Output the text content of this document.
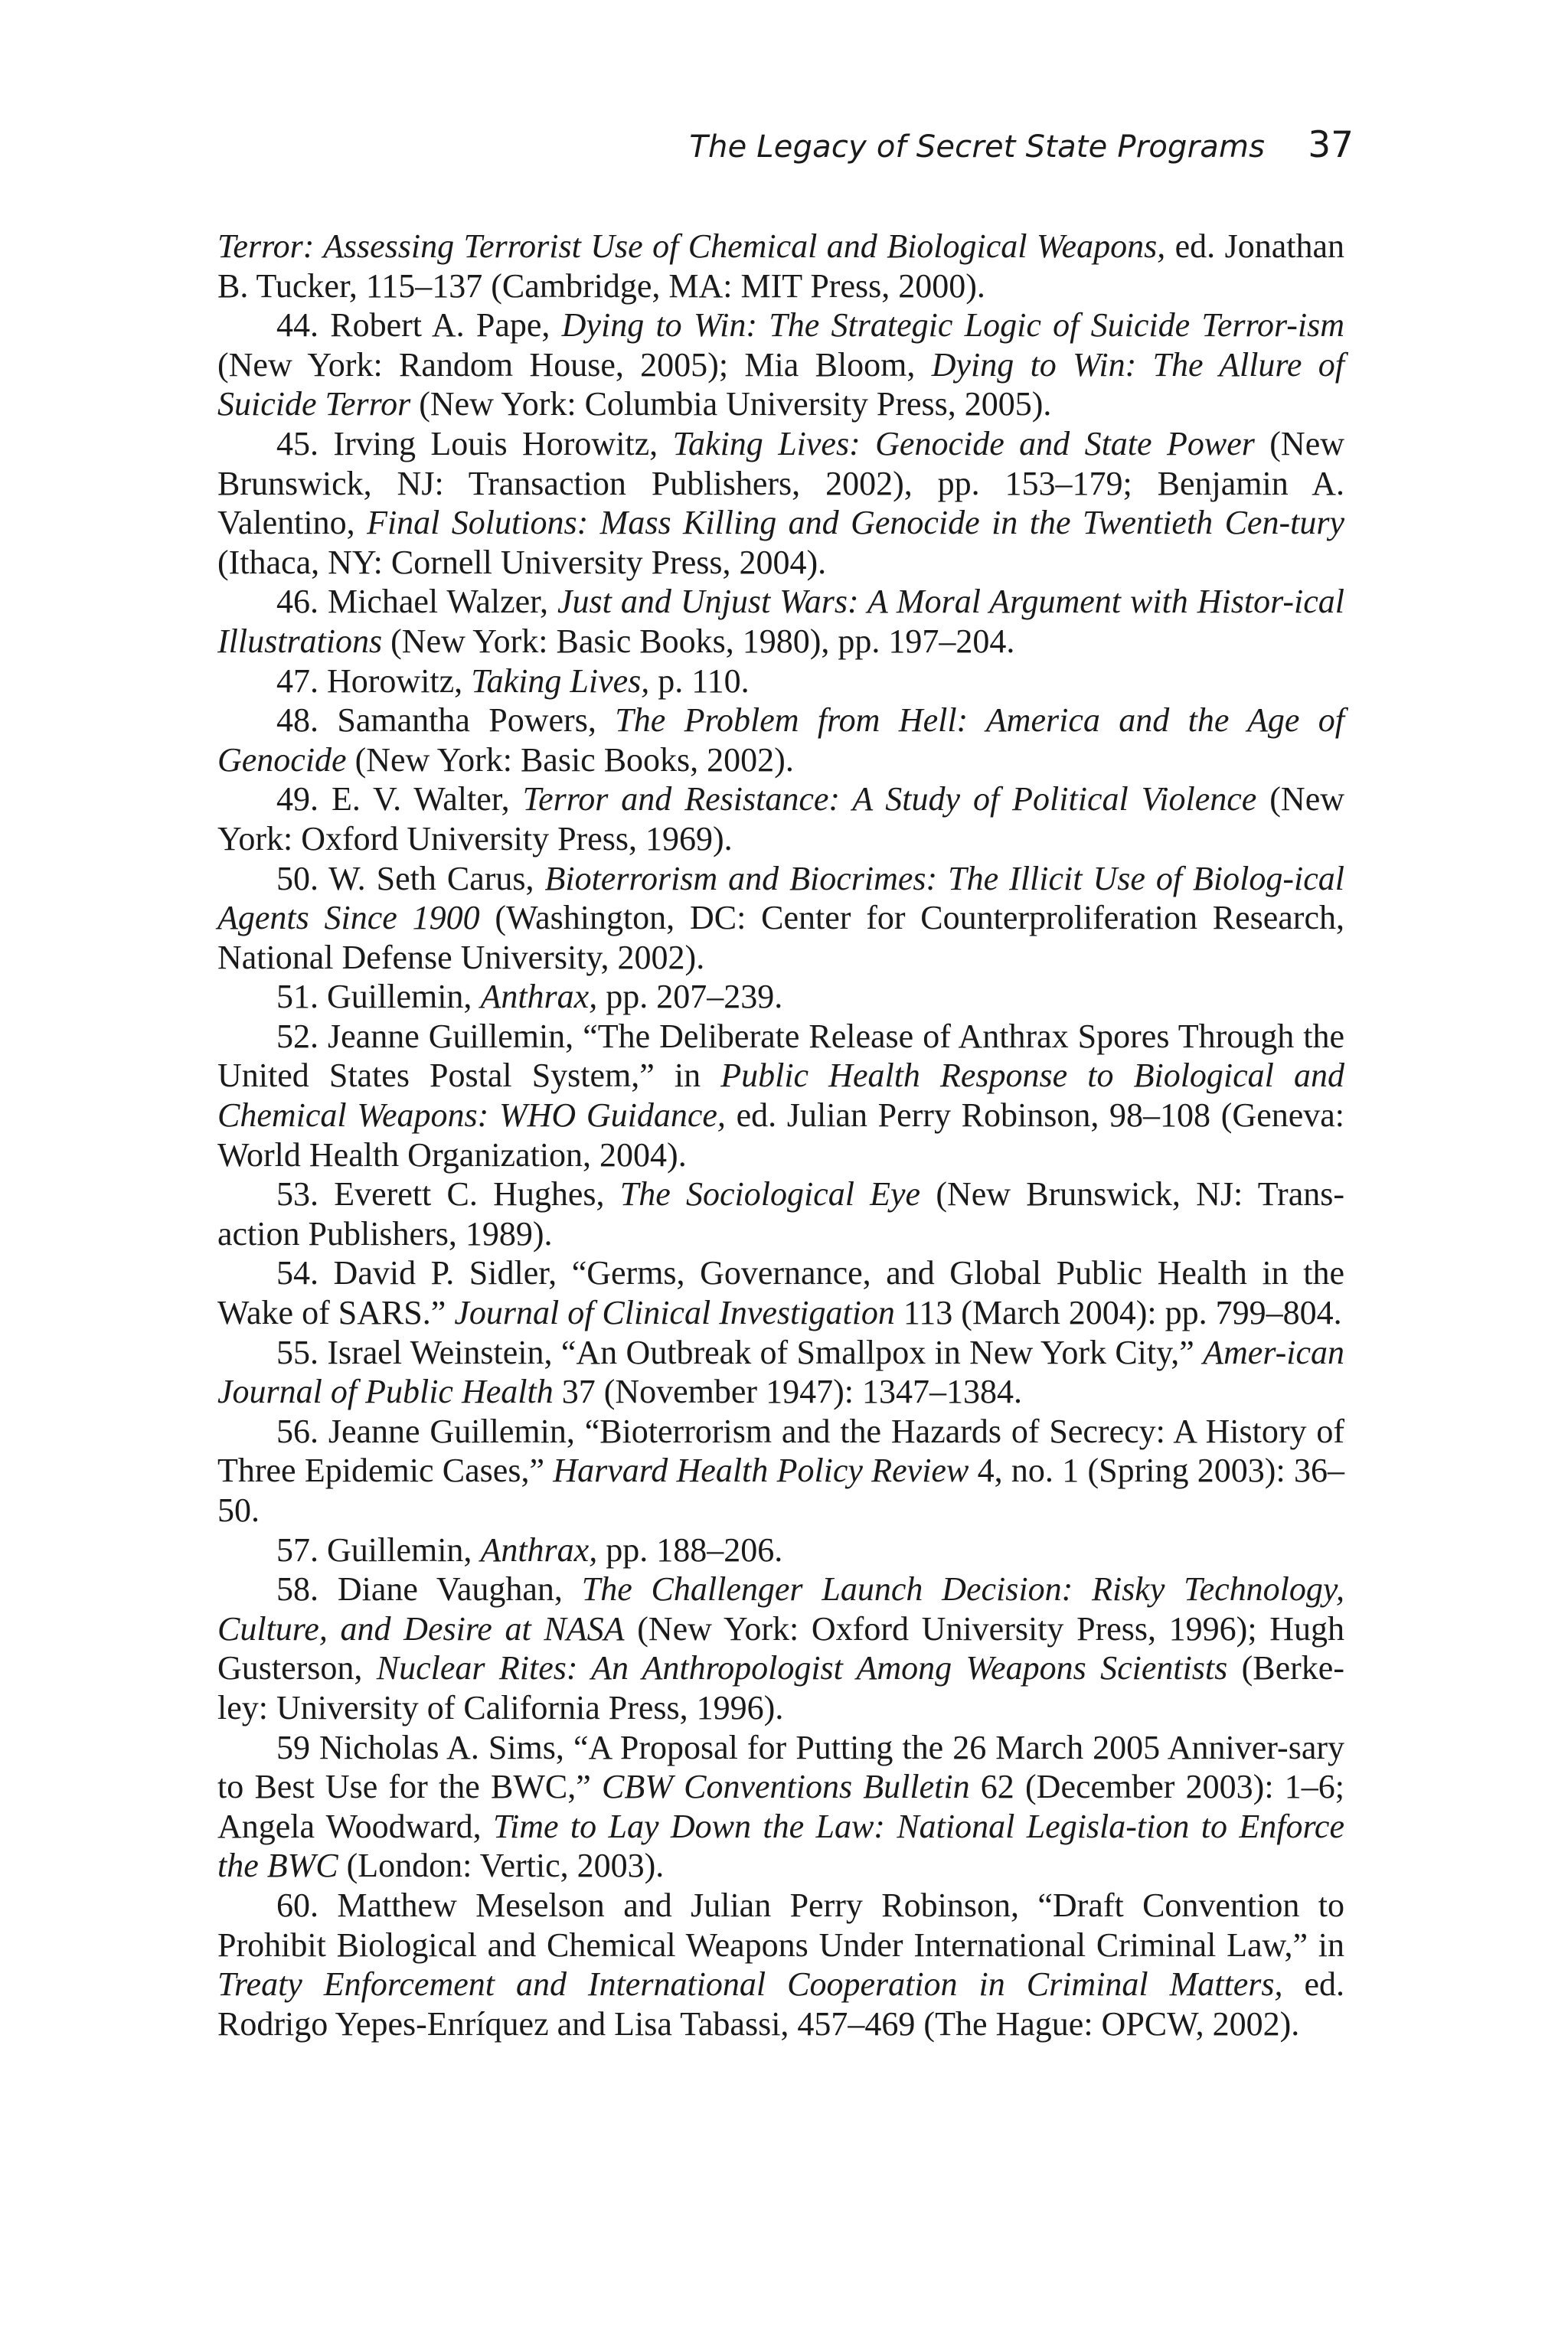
The Legacy of Secret State Programs 37

Terror: Assessing Terrorist Use of Chemical and Biological Weapons, ed. Jonathan B. Tucker, 115–137 (Cambridge, MA: MIT Press, 2000).

44. Robert A. Pape, Dying to Win: The Strategic Logic of Suicide Terror-​ism (New York: Random House, 2005); Mia Bloom, Dying to Win: The Allure of Suicide Terror (New York: Columbia University Press, 2005).

45. Irving Louis Horowitz, Taking Lives: Genocide and State Power (New Brunswick, NJ: Transaction Publishers, 2002), pp. 153–179; Benjamin A. Valentino, Final Solutions: Mass Killing and Genocide in the Twentieth Cen-​tury (Ithaca, NY: Cornell University Press, 2004).

46. Michael Walzer, Just and Unjust Wars: A Moral Argument with Histor-​ical Illustrations (New York: Basic Books, 1980), pp. 197–204.

47. Horowitz, Taking Lives, p. 110.

48. Samantha Powers, The Problem from Hell: America and the Age of Genocide (New York: Basic Books, 2002).

49. E. V. Walter, Terror and Resistance: A Study of Political Violence (New York: Oxford University Press, 1969).

50. W. Seth Carus, Bioterrorism and Biocrimes: The Illicit Use of Biolog-​ical Agents Since 1900 (Washington, DC: Center for Counterproliferation Research, National Defense University, 2002).

51. Guillemin, Anthrax, pp. 207–239.

52. Jeanne Guillemin, “The Deliberate Release of Anthrax Spores Through the United States Postal System,” in Public Health Response to Biological and Chemical Weapons: WHO Guidance, ed. Julian Perry Robinson, 98–108 (Geneva: World Health Organization, 2004).

53. Everett C. Hughes, The Sociological Eye (New Brunswick, NJ: Trans-​action Publishers, 1989).

54. David P. Sidler, “Germs, Governance, and Global Public Health in the Wake of SARS.” Journal of Clinical Investigation 113 (March 2004): pp. 799–804.

55. Israel Weinstein, “An Outbreak of Smallpox in New York City,” Amer-​ican Journal of Public Health 37 (November 1947): 1347–1384.

56. Jeanne Guillemin, “Bioterrorism and the Hazards of Secrecy: A History of Three Epidemic Cases,” Harvard Health Policy Review 4, no. 1 (Spring 2003): 36–50.

57. Guillemin, Anthrax, pp. 188–206.

58. Diane Vaughan, The Challenger Launch Decision: Risky Technology, Culture, and Desire at NASA (New York: Oxford University Press, 1996); Hugh Gusterson, Nuclear Rites: An Anthropologist Among Weapons Scientists (Berke-​ley: University of California Press, 1996).

59 Nicholas A. Sims, “A Proposal for Putting the 26 March 2005 Anniver-​sary to Best Use for the BWC,” CBW Conventions Bulletin 62 (December 2003): 1–6; Angela Woodward, Time to Lay Down the Law: National Legisla-​tion to Enforce the BWC (London: Vertic, 2003).

60. Matthew Meselson and Julian Perry Robinson, “Draft Convention to Prohibit Biological and Chemical Weapons Under International Criminal Law,” in Treaty Enforcement and International Cooperation in Criminal Matters, ed. Rodrigo Yepes-Enríquez and Lisa Tabassi, 457–469 (The Hague: OPCW, 2002).
